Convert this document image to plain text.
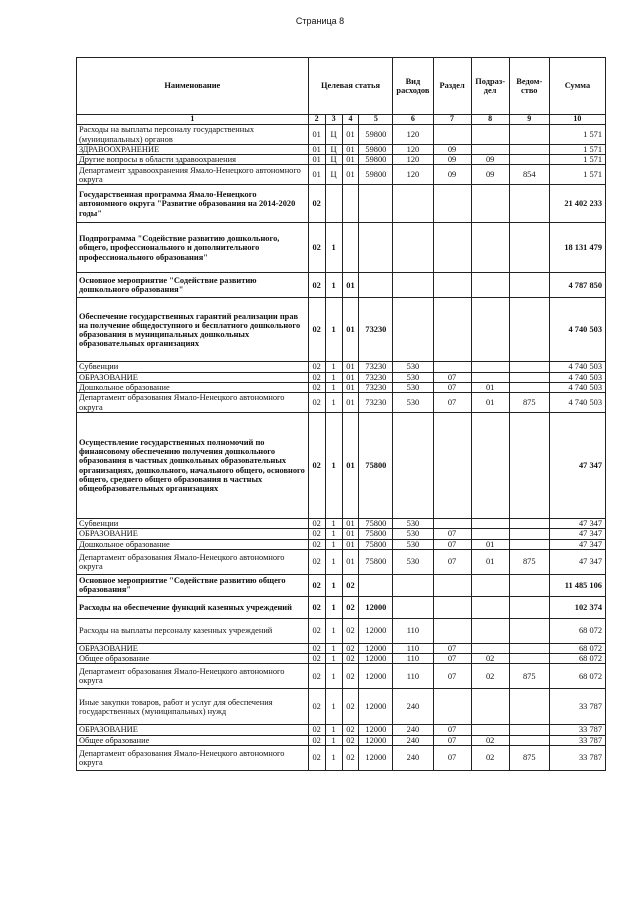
Страница 8
Наименование	Целевая статья				Вид расходов	Раздел	Подраз-дел	Ведом-ство	Сумма
1	2	3	4	5	6	7	8	9	10
Расходы на выплаты персоналу государственных (муниципальных) органов	01	Ц	01	59800	120				1 571
ЗДРАВООХРАНЕНИЕ	01	Ц	01	59800	120	09			1 571
Другие вопросы в области здравоохранения	01	Ц	01	59800	120	09	09		1 571
Департамент здравоохранения Ямало-Ненецкого автономного округа	01	Ц	01	59800	120	09	09	854	1 571
Государственная программа Ямало-Ненецкого автономного округа "Развитие образования на 2014-2020 годы"	02								21 402 233
Подпрограмма "Содействие развитию дошкольного, общего, профессионального и дополнительного профессионального образования"	02	1							18 131 479
Основное мероприятие "Содействие развитию дошкольного образования"	02	1	01						4 787 850
Обеспечение государственных гарантий реализации прав на получение общедоступного и бесплатного дошкольного образования в муниципальных дошкольных образовательных организациях	02	1	01	73230					4 740 503
Субвенции	02	1	01	73230	530				4 740 503
ОБРАЗОВАНИЕ	02	1	01	73230	530	07			4 740 503
Дошкольное образование	02	1	01	73230	530	07	01		4 740 503
Департамент образования Ямало-Ненецкого автономного округа	02	1	01	73230	530	07	01	875	4 740 503
Осуществление государственных полномочий по финансовому обеспечению получения дошкольного образования в частных дошкольных образовательных организациях, дошкольного, начального общего, основного общего, среднего общего образования в частных общеобразовательных организациях	02	1	01	75800					47 347
Субвенции	02	1	01	75800	530				47 347
ОБРАЗОВАНИЕ	02	1	01	75800	530	07			47 347
Дошкольное образование	02	1	01	75800	530	07	01		47 347
Департамент образования Ямало-Ненецкого автономного округа	02	1	01	75800	530	07	01	875	47 347
Основное мероприятие "Содействие развитию общего образования"	02	1	02						11 485 106
Расходы на обеспечение функций казенных учреждений	02	1	02	12000					102 374
Расходы на выплаты персоналу казенных учреждений	02	1	02	12000	110				68 072
ОБРАЗОВАНИЕ	02	1	02	12000	110	07			68 072
Общее образование	02	1	02	12000	110	07	02		68 072
Департамент образования Ямало-Ненецкого автономного округа	02	1	02	12000	110	07	02	875	68 072
Иные закупки товаров, работ и услуг для обеспечения государственных (муниципальных) нужд	02	1	02	12000	240				33 787
ОБРАЗОВАНИЕ	02	1	02	12000	240	07			33 787
Общее образование	02	1	02	12000	240	07	02		33 787
Департамент образования Ямало-Ненецкого автономного округа	02	1	02	12000	240	07	02	875	33 787
